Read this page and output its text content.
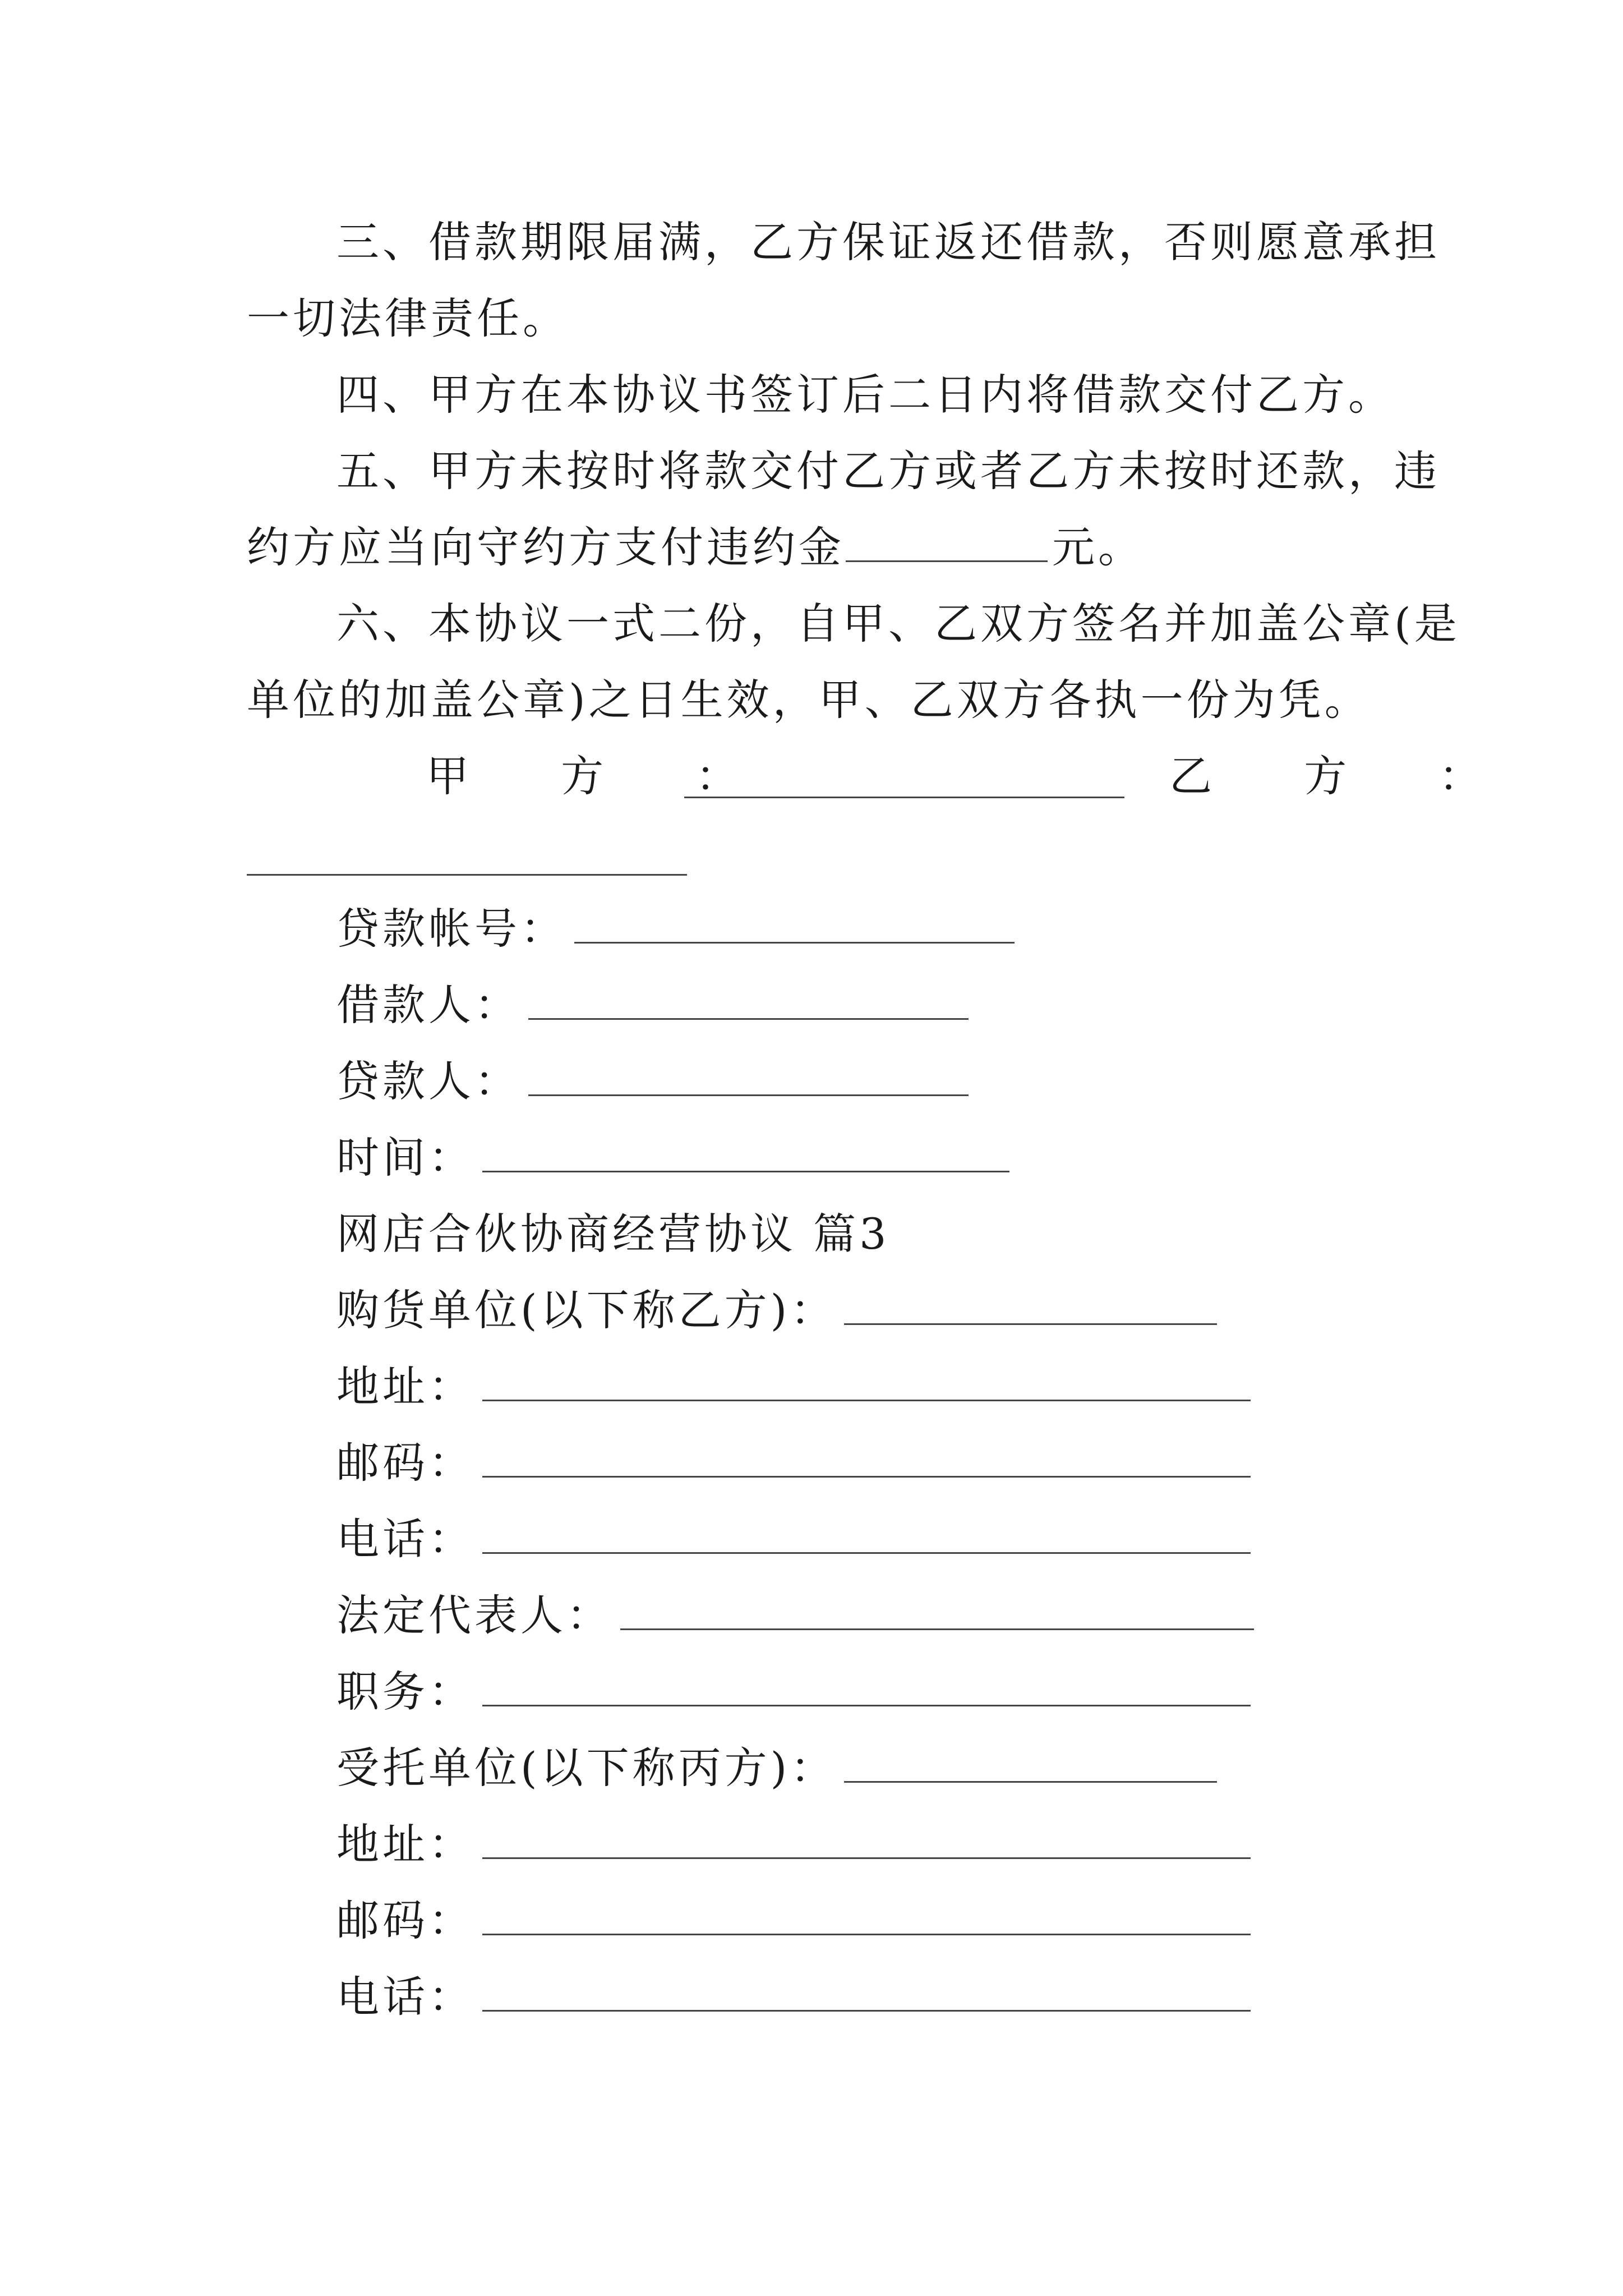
三、借款期限届满，乙方保证返还借款，否则愿意承担
一切法律责任。
四、甲方在本协议书签订后二日内将借款交付乙方。
五、甲方未按时将款交付乙方或者乙方未按时还款，违
约方应当向守约方支付违约金	元。
六、本协议一式二份，自甲、乙双方签名并加盖公章(是
单位的加盖公章)之日生效，甲、乙双方各执一份为凭。
甲 方 ：	乙 方 ：
贷款帐号：
借款人：
贷款人：
时间：
网店合伙协商经营协议 篇3
购货单位(以下称乙方)：
地址：
邮码：
电话：
法定代表人：
职务：
受托单位(以下称丙方)：
地址：
邮码：
电话：
